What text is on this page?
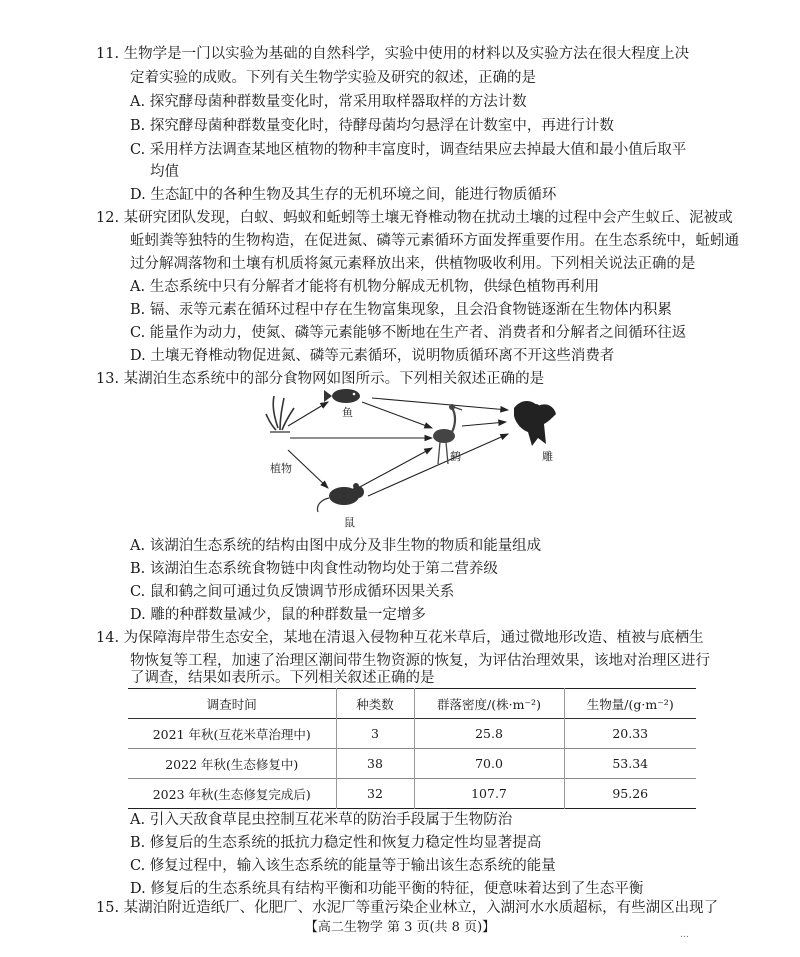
11. 生物学是一门以实验为基础的自然科学，实验中使用的材料以及实验方法在很大程度上决
定着实验的成败。下列有关生物学实验及研究的叙述，正确的是
A. 探究酵母菌种群数量变化时，常采用取样器取样的方法计数
B. 探究酵母菌种群数量变化时，待酵母菌均匀悬浮在计数室中，再进行计数
C. 采用样方法调查某地区植物的物种丰富度时，调查结果应去掉最大值和最小值后取平
均值
D. 生态缸中的各种生物及其生存的无机环境之间，能进行物质循环
12. 某研究团队发现，白蚁、蚂蚁和蚯蚓等土壤无脊椎动物在扰动土壤的过程中会产生蚁丘、泥被或
蚯蚓粪等独特的生物构造，在促进氮、磷等元素循环方面发挥重要作用。在生态系统中，蚯蚓通
过分解凋落物和土壤有机质将氮元素释放出来，供植物吸收利用。下列相关说法正确的是
A. 生态系统中只有分解者才能将有机物分解成无机物，供绿色植物再利用
B. 镉、汞等元素在循环过程中存在生物富集现象，且会沿食物链逐渐在生物体内积累
C. 能量作为动力，使氮、磷等元素能够不断地在生产者、消费者和分解者之间循环往返
D. 土壤无脊椎动物促进氮、磷等元素循环，说明物质循环离不开这些消费者
13. 某湖泊生态系统中的部分食物网如图所示。下列相关叙述正确的是
植物
鱼
鹤	雕
鼠
A. 该湖泊生态系统的结构由图中成分及非生物的物质和能量组成
B. 该湖泊生态系统食物链中肉食性动物均处于第二营养级
C. 鼠和鹤之间可通过负反馈调节形成循环因果关系
D. 雕的种群数量减少，鼠的种群数量一定增多
14. 为保障海岸带生态安全，某地在清退入侵物种互花米草后，通过微地形改造、植被与底栖生
物恢复等工程，加速了治理区潮间带生物资源的恢复，为评估治理效果，该地对治理区进行
了调查，结果如表所示。下列相关叙述正确的是
调查时间	种类数	群落密度/(株·m⁻²)	生物量/(g·m⁻²)
2021 年秋(互花米草治理中)	3	25.8	20.33
2022 年秋(生态修复中)	38	70.0	53.34
2023 年秋(生态修复完成后)	32	107.7	95.26
A. 引入天敌食草昆虫控制互花米草的防治手段属于生物防治
B. 修复后的生态系统的抵抗力稳定性和恢复力稳定性均显著提高
C. 修复过程中，输入该生态系统的能量等于输出该生态系统的能量
D. 修复后的生态系统具有结构平衡和功能平衡的特征，便意味着达到了生态平衡
15. 某湖泊附近造纸厂、化肥厂、水泥厂等重污染企业林立，入湖河水水质超标，有些湖区出现了
【高二生物学 第 3 页(共 8 页)】	…
